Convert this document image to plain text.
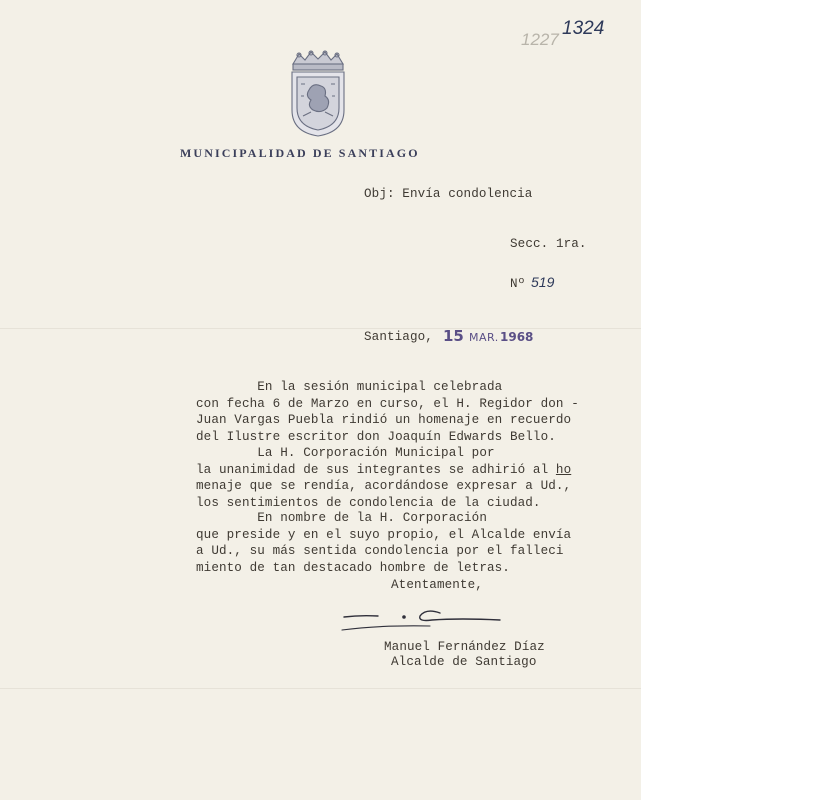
1227
1324
MUNICIPALIDAD DE SANTIAGO
Obj: Envía condolencia
Secc. 1ra.
Nº 519
Santiago, 15 MAR. 1968
En la sesión municipal celebrada
con fecha 6 de Marzo en curso, el H. Regidor don -
Juan Vargas Puebla rindió un homenaje en recuerdo
del Ilustre escritor don Joaquín Edwards Bello.
La H. Corporación Municipal por
la unanimidad de sus integrantes se adhirió al ho
menaje que se rendía, acordándose expresar a Ud.,
los sentimientos de condolencia de la ciudad.
En nombre de la H. Corporación
que preside y en el suyo propio, el Alcalde envía
a Ud., su más sentida condolencia por el falleci
miento de tan destacado hombre de letras.
Atentamente,
Manuel Fernández Díaz
Alcalde de Santiago
